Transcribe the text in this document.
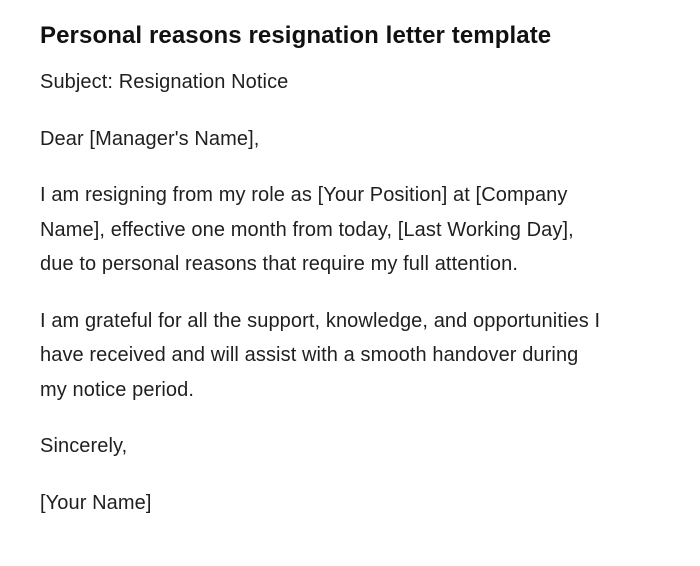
Personal reasons resignation letter template

Subject: Resignation Notice

Dear [Manager's Name],

I am resigning from my role as [Your Position] at [Company
Name], effective one month from today, [Last Working Day],
due to personal reasons that require my full attention.

I am grateful for all the support, knowledge, and opportunities I
have received and will assist with a smooth handover during
my notice period.

Sincerely,

[Your Name]
